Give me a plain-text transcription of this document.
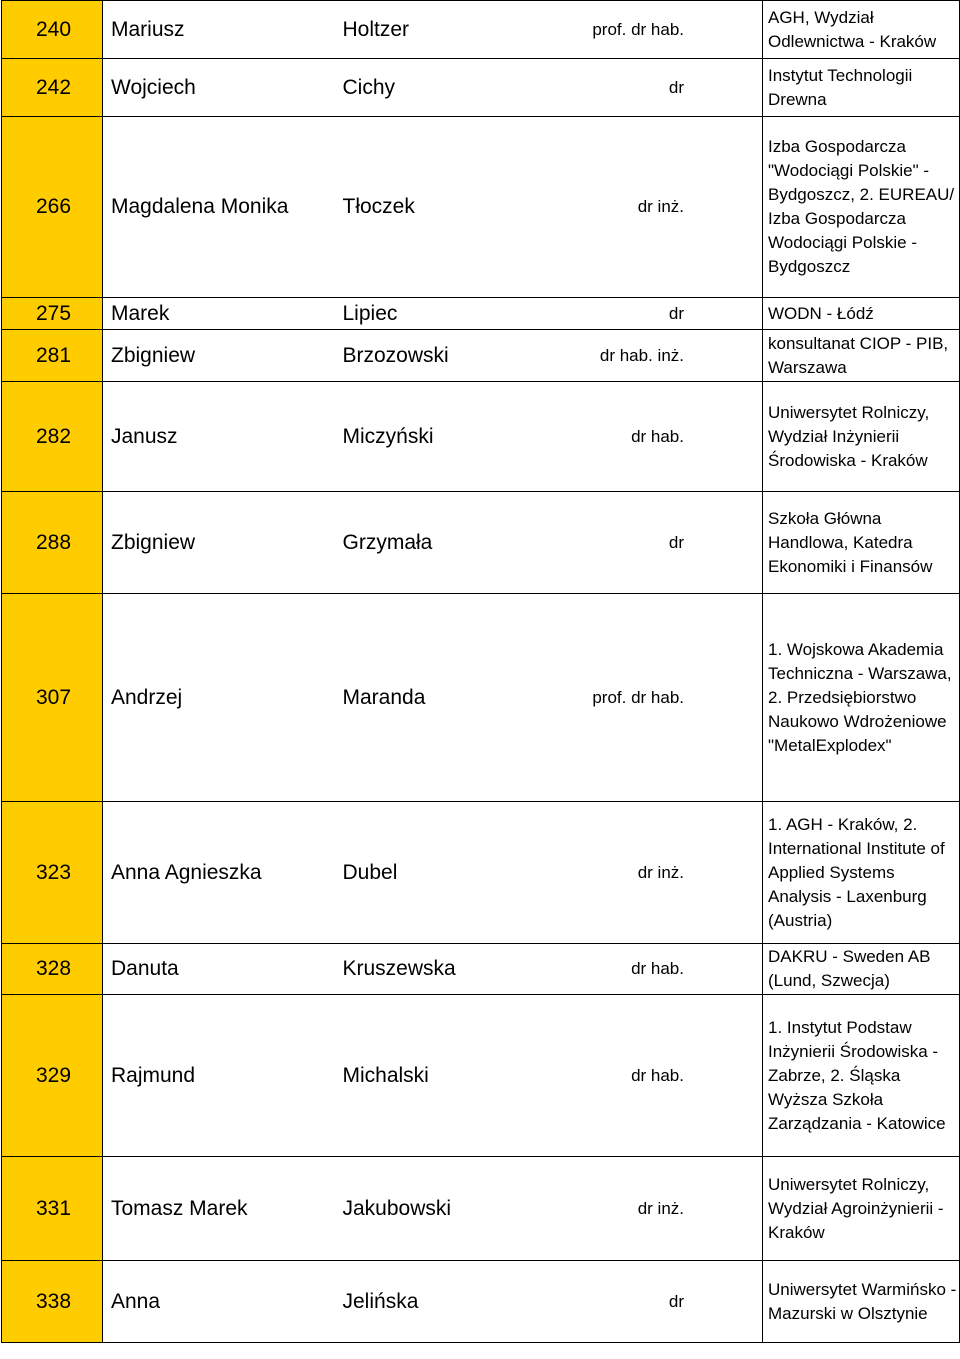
240	Mariusz	Holtzer	prof. dr hab.	AGH, Wydział Odlewnictwa - Kraków

242	Wojciech	Cichy	dr	Instytut Technologii Drewna

266	Magdalena Monika	Tłoczek	dr inż.	Izba Gospodarcza "Wodociągi Polskie" - Bydgoszcz, 2. EUREAU/ Izba Gospodarcza Wodociągi Polskie - Bydgoszcz

275	Marek	Lipiec	dr	WODN - Łódź

281	Zbigniew	Brzozowski	dr hab. inż.	konsultanat CIOP - PIB, Warszawa

282	Janusz	Miczyński	dr hab.	Uniwersytet Rolniczy, Wydział Inżynierii Środowiska - Kraków

288	Zbigniew	Grzymała	dr	Szkoła Główna Handlowa, Katedra Ekonomiki i Finansów

307	Andrzej	Maranda	prof. dr hab.	1. Wojskowa Akademia Techniczna - Warszawa, 2. Przedsiębiorstwo Naukowo Wdrożeniowe "MetalExplodex"

323	Anna Agnieszka	Dubel	dr inż.	1. AGH - Kraków, 2. International Institute of Applied Systems Analysis - Laxenburg (Austria)

328	Danuta	Kruszewska	dr hab.	DAKRU - Sweden AB (Lund, Szwecja)

329	Rajmund	Michalski	dr hab.	1. Instytut Podstaw Inżynierii Środowiska - Zabrze, 2. Śląska Wyższa Szkoła Zarządzania - Katowice

331	Tomasz Marek	Jakubowski	dr inż.	Uniwersytet Rolniczy, Wydział Agroinżynierii - Kraków

338	Anna	Jelińska	dr	Uniwersytet Warmińsko - Mazurski w Olsztynie
